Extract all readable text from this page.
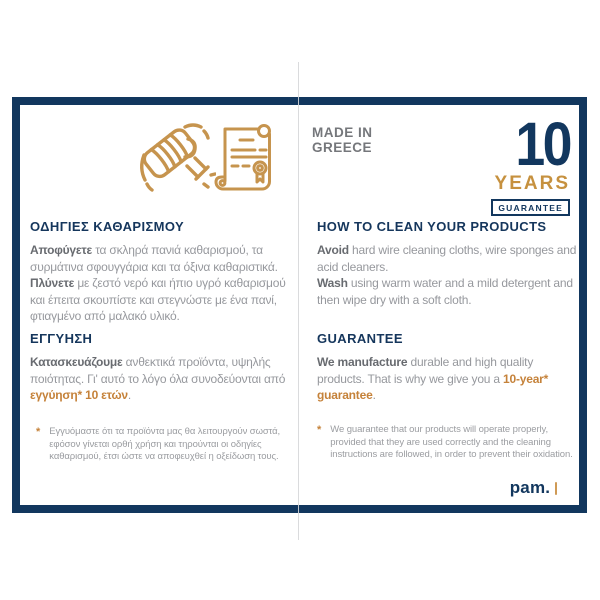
MADE IN
GREECE 10
YEARS
GUARANTEE
ΟΔΗΓΙΕΣ ΚΑΘΑΡΙΣΜΟΥ

Αποφύγετε τα σκληρά πανιά καθαρισμού, τα συρμάτινα σφουγγάρια και τα όξινα καθαριστικά.

Πλύνετε με ζεστό νερό και ήπιο υγρό καθαρισμού και έπειτα σκουπίστε και στεγνώστε με ένα πανί, φτιαγμένο από μαλακό υλικό.

HOW TO CLEAN YOUR PRODUCTS

Avoid hard wire cleaning cloths, wire sponges and acid cleaners.

Wash using warm water and a mild detergent and then wipe dry with a soft cloth.

ΕΓΓΥΗΣΗ

Κατασκευάζουμε ανθεκτικά προϊόντα, υψηλής ποιότητας. Γι' αυτό το λόγο όλα συνοδεύονται από εγγύηση* 10 ετών.

GUARANTEE

We manufacture durable and high quality products. That is why we give you a 10-year* guarantee.

* Εγγυόμαστε ότι τα προϊόντα μας θα λειτουργούν σωστά, εφόσον γίνεται ορθή χρήση και τηρούνται οι οδηγίες καθαρισμού, έτσι ώστε να αποφευχθεί η οξείδωση τους.
* We guarantee that our products will operate properly, provided that they are used correctly and the cleaning instructions are followed, in order to prevent their oxidation.
pam .
